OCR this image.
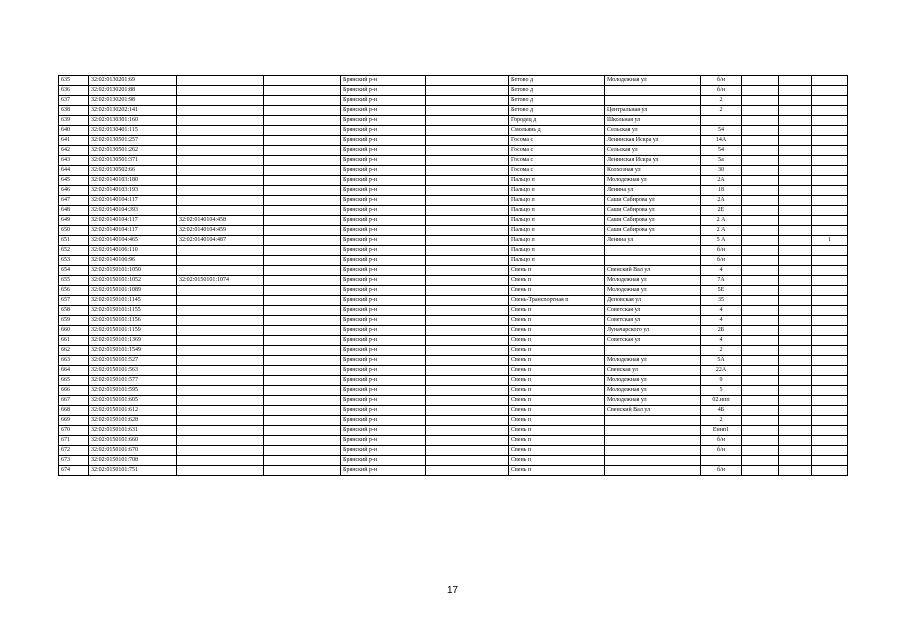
635	32:02:0130201:69			Брянский р-н		Бетово д	Молодежная ул	б/н			
636	32:02:0130201:88			Брянский р-н		Бетово д		б/н			
637	32:02:0130201:98			Брянский р-н		Бетово д		2			
638	32:02:0130202:141			Брянский р-н		Бетово д	Центральная ул	2			
639	32:02:0130301:160			Брянский р-н		Городец д	Школьная ул				
640	32:02:0130401:115			Брянский р-н		Смольянь д	Сельская ул	54			
641	32:02:0130501:257			Брянский р-н		Госома с	Ленинская Искра ул	14А			
642	32:02:0130501:262			Брянский р-н		Госома с	Сельская ул	54			
643	32:02:0130501:371			Брянский р-н		Госома с	Ленинская Искра ул	5а			
644	32:02:0130502:66			Брянский р-н		Госома с	Колхозная ул	30			
645	32:02:0140103:180			Брянский р-н		Пальцо п	Молодежная ул	2А			
646	32:02:0140103:193			Брянский р-н		Пальцо п	Ленина ул	18			
647	32:02:0140104:117			Брянский р-н		Пальцо п	Саши Сабирова ул	2А			
648	32:02:0140104:393			Брянский р-н		Пальцо п	Саши Сабирова ул	2Е			
649	32:02:0140104:117	32:02:0140104:458		Брянский р-н		Пальцо п	Саши Сабирова ул	2 А			
650	32:02:0140104:117	32:02:0140104:459		Брянский р-н		Пальцо п	Саши Сабирова ул	2 А			
651	32:02:0140104:465	32:02:0140104:487		Брянский р-н		Пальцо п	Ленина ул	5 А			1
652	32:02:0140106:110			Брянский р-н		Пальцо п		б/н			
653	32:02:0140106:96			Брянский р-н		Пальцо п		б/н			
654	32:02:0150101:1050			Брянский р-н		Свень п	Свенский Вал ул	4			
655	32:02:0150101:1052	32:02:0150101:1074		Брянский р-н		Свень п	Молодежная ул	7А			
656	32:02:0150101:1089			Брянский р-н		Свень п	Молодежная ул	5Е			
657	32:02:0150101:1145			Брянский р-н		Свень-Транспортная п	Деповская ул	35			
658	32:02:0150101:1155			Брянский р-н		Свень п	Советская ул	4			
659	32:02:0150101:1156			Брянский р-н		Свень п	Советская ул	4			
660	32:02:0150101:1159			Брянский р-н		Свень п	Луначарского ул	2Б			
661	32:02:0150101:1369			Брянский р-н		Свень п	Советская ул	4			
662	32:02:0150101:1549			Брянский р-н		Свень п		2			
663	32:02:0150101:527			Брянский р-н		Свень п	Молодежная ул	5А			
664	32:02:0150101:563			Брянский р-н		Свень п	Свенская ул	22А			
665	32:02:0150101:577			Брянский р-н		Свень п	Молодежная ул	9			
666	32:02:0150101:595			Брянский р-н		Свень п	Молодежная ул	5			
667	32:02:0150101:605			Брянский р-н		Свень п	Молодежная ул	02.нпп			
668	32:02:0150101:612			Брянский р-н		Свень п	Свенский Вал ул	4Б			
669	32:02:0150101:628			Брянский р-н		Свень п		2			
670	32:02:0150101:631			Брянский р-н		Свень п		Еннп1			
671	32:02:0150101:660			Брянский р-н		Свень п		б/н			
672	32:02:0150101:670			Брянский р-н		Свень п		б/н			
673	32:02:0150101:708			Брянский р-н		Свень п					
674	32:02:0150101:751			Брянский р-н		Свень п		б/н			
17
